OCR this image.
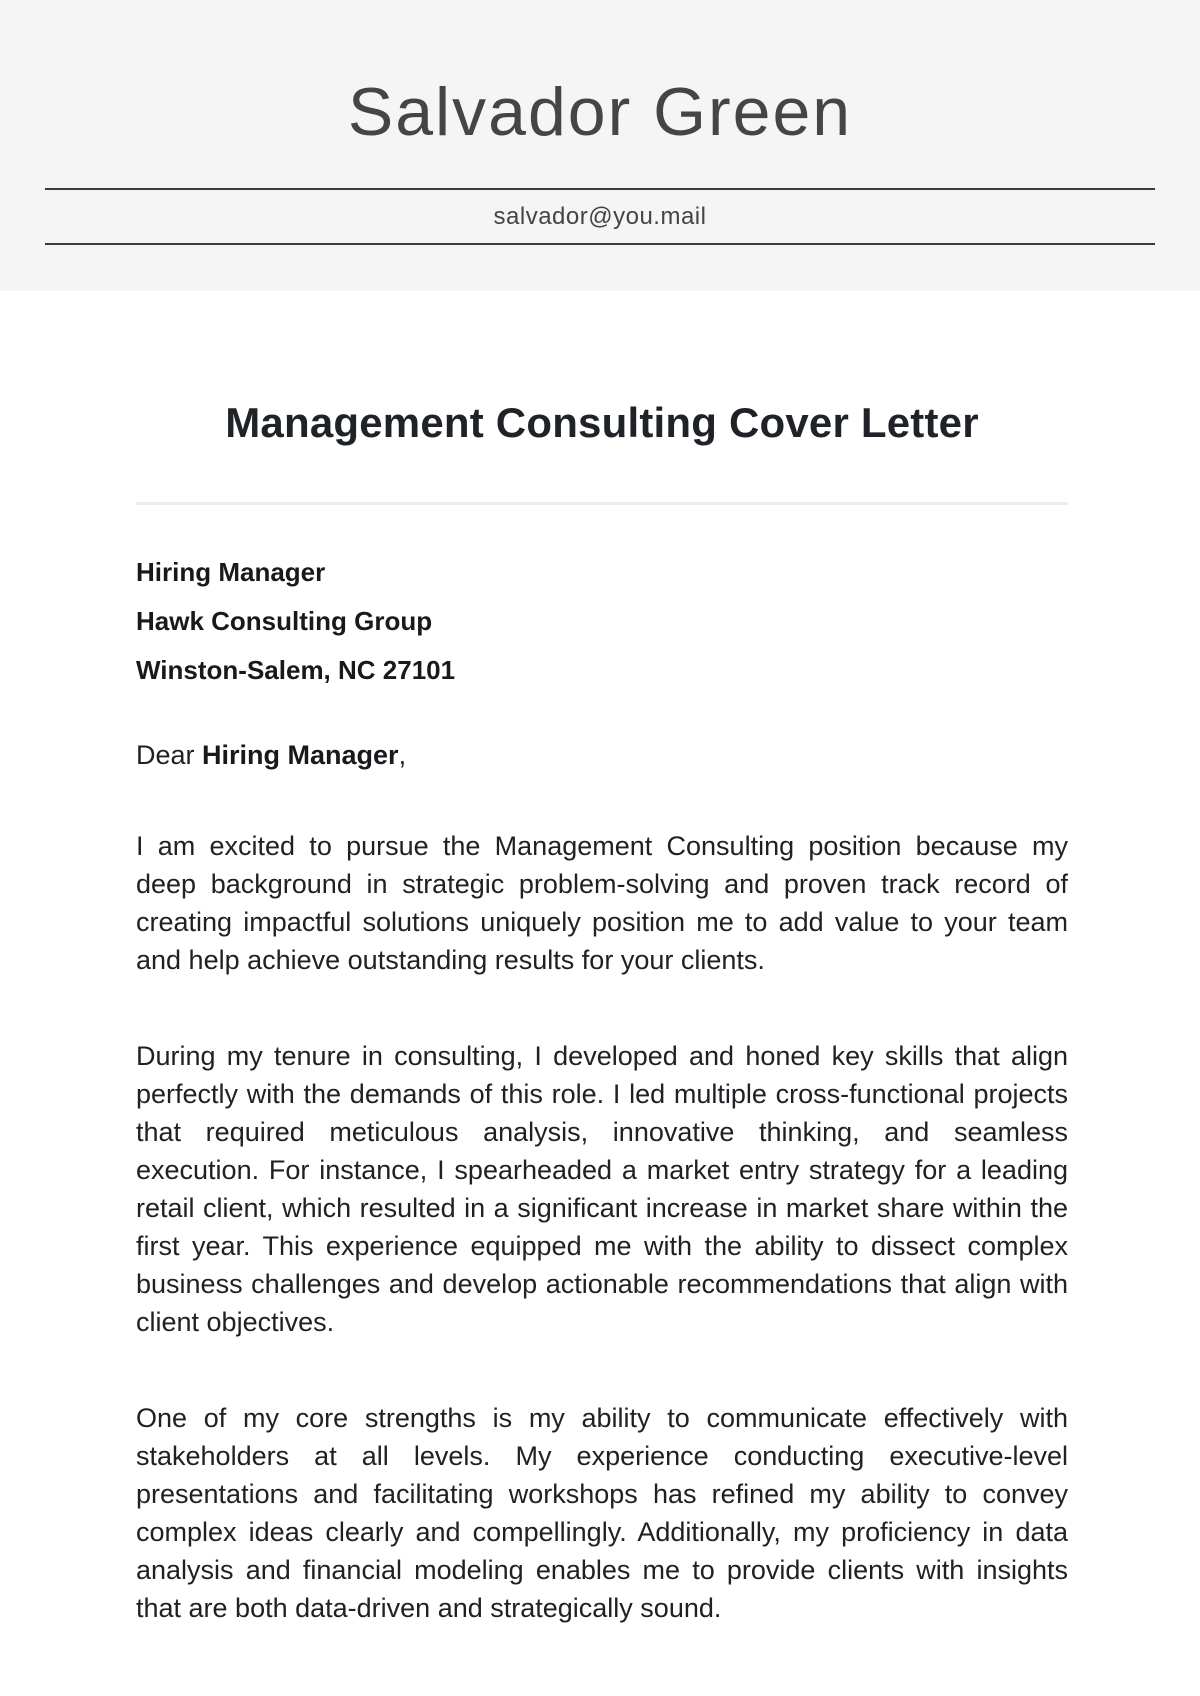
Salvador Green
salvador@you.mail
Management Consulting Cover Letter

Hiring Manager

Hawk Consulting Group

Winston-Salem, NC 27101

Dear Hiring Manager,

I am excited to pursue the Management Consulting position because my deep background in strategic problem-solving and proven track record of creating impactful solutions uniquely position me to add value to your team and help achieve outstanding results for your clients.

During my tenure in consulting, I developed and honed key skills that align perfectly with the demands of this role. I led multiple cross-functional projects that required meticulous analysis, innovative thinking, and seamless execution. For instance, I spearheaded a market entry strategy for a leading retail client, which resulted in a significant increase in market share within the first year. This experience equipped me with the ability to dissect complex business challenges and develop actionable recommendations that align with client objectives.

One of my core strengths is my ability to communicate effectively with stakeholders at all levels. My experience conducting executive-level presentations and facilitating workshops has refined my ability to convey complex ideas clearly and compellingly. Additionally, my proficiency in data analysis and financial modeling enables me to provide clients with insights that are both data-driven and strategically sound.
